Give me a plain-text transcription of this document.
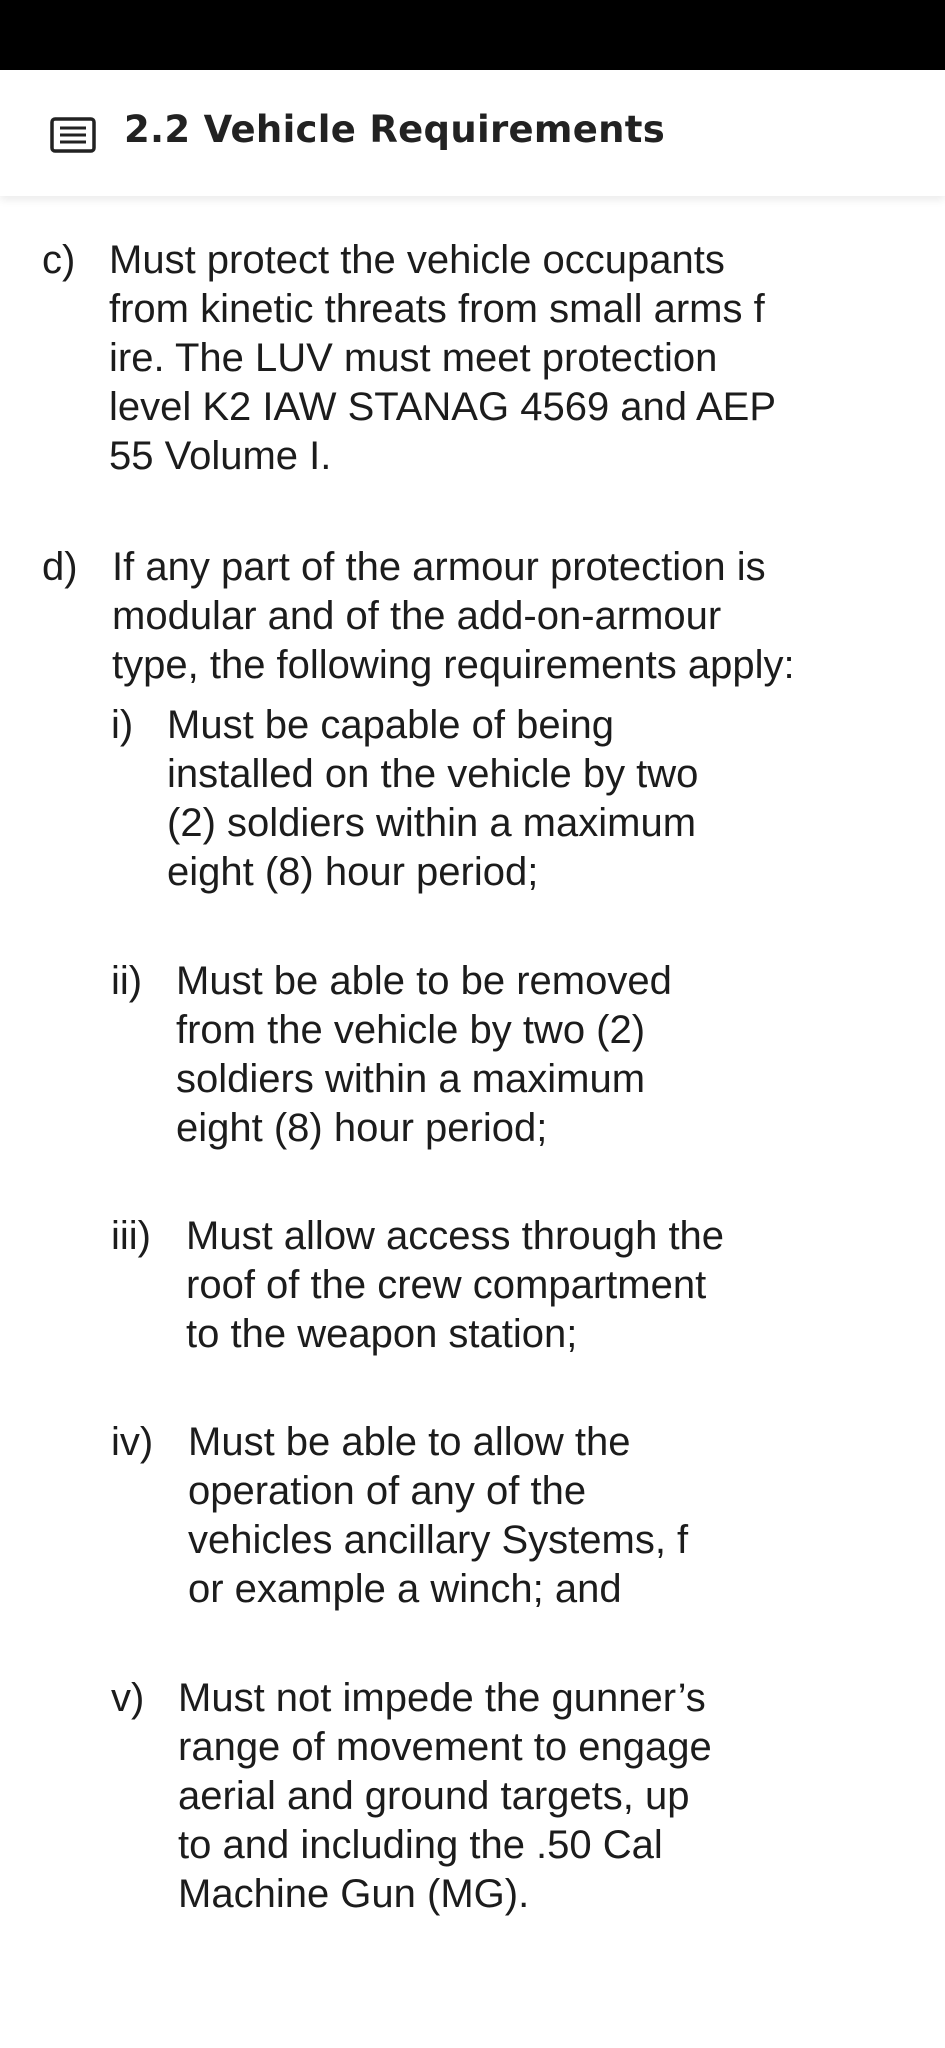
2.2 Vehicle Requirements
c) Must protect the vehicle occupants
from kinetic threats from small arms f
ire. The LUV must meet protection
level K2 IAW STANAG 4569 and AEP
55 Volume I.
d) If any part of the armour protection is
modular and of the add-on-armour
type, the following requirements apply:
i) Must be capable of being
installed on the vehicle by two
(2) soldiers within a maximum
eight (8) hour period;
ii) Must be able to be removed
from the vehicle by two (2)
soldiers within a maximum
eight (8) hour period;
iii) Must allow access through the
roof of the crew compartment
to the weapon station;
iv) Must be able to allow the
operation of any of the
vehicles ancillary Systems, f
or example a winch; and
v) Must not impede the gunner’s
range of movement to engage
aerial and ground targets, up
to and including the .50 Cal
Machine Gun (MG).
